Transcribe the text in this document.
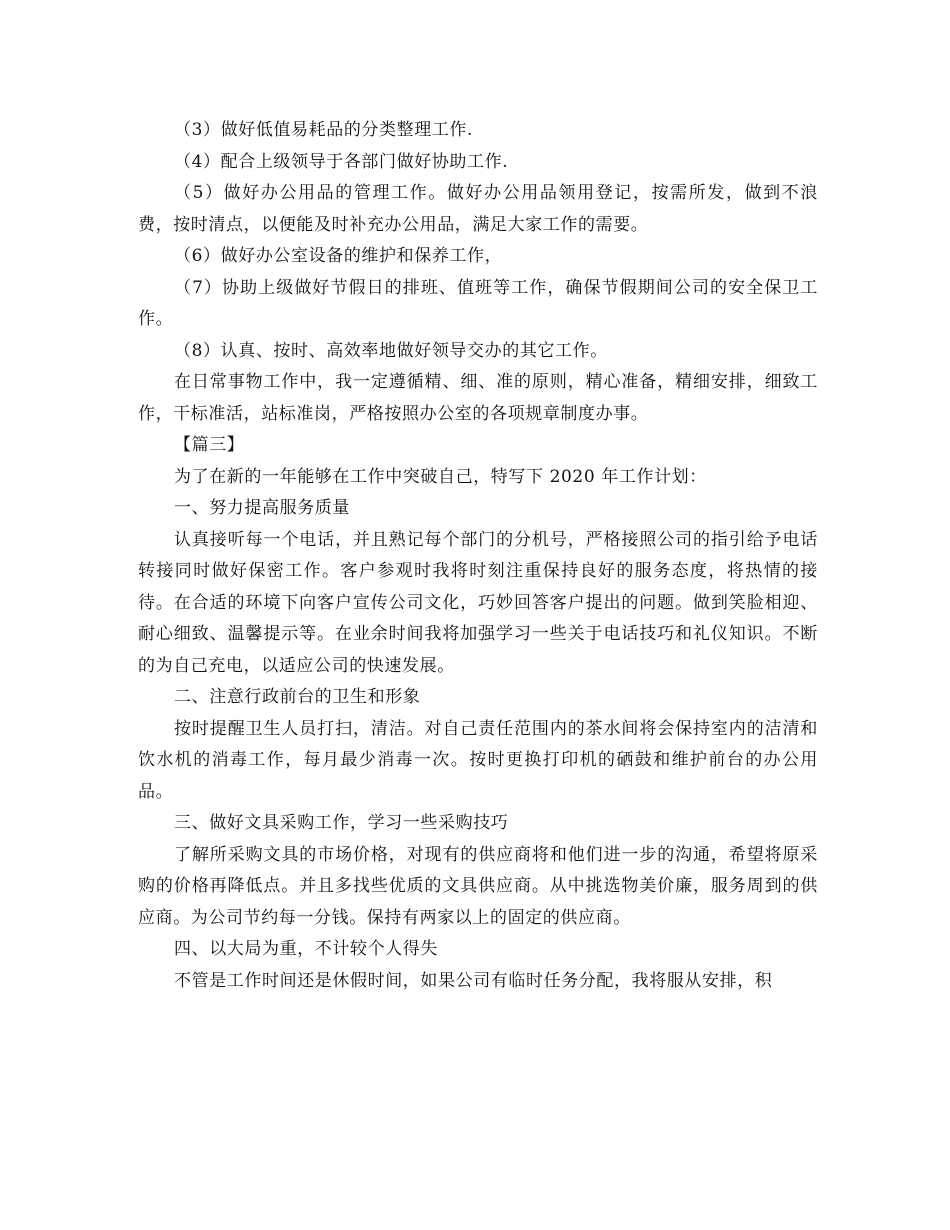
（3）做好低值易耗品的分类整理工作.

（4）配合上级领导于各部门做好协助工作.

（5）做好办公用品的管理工作。做好办公用品领用登记，按需所发，做到不浪费，按时清点，以便能及时补充办公用品，满足大家工作的需要。

（6）做好办公室设备的维护和保养工作，

（7）协助上级做好节假日的排班、值班等工作，确保节假期间公司的安全保卫工作。

（8）认真、按时、高效率地做好领导交办的其它工作。

在日常事物工作中，我一定遵循精、细、准的原则，精心准备，精细安排，细致工作，干标准活，站标准岗，严格按照办公室的各项规章制度办事。

【篇三】

为了在新的一年能够在工作中突破自己，特写下 2020 年工作计划：

一、努力提高服务质量

认真接听每一个电话，并且熟记每个部门的分机号，严格接照公司的指引给予电话转接同时做好保密工作。客户参观时我将时刻注重保持良好的服务态度，将热情的接待。在合适的环境下向客户宣传公司文化，巧妙回答客户提出的问题。做到笑脸相迎、耐心细致、温馨提示等。在业余时间我将加强学习一些关于电话技巧和礼仪知识。不断的为自己充电，以适应公司的快速发展。

二、注意行政前台的卫生和形象

按时提醒卫生人员打扫，清洁。对自己责任范围内的茶水间将会保持室内的洁清和饮水机的消毒工作，每月最少消毒一次。按时更换打印机的硒鼓和维护前台的办公用品。

三、做好文具采购工作，学习一些采购技巧

了解所采购文具的市场价格，对现有的供应商将和他们进一步的沟通，希望将原采购的价格再降低点。并且多找些优质的文具供应商。从中挑选物美价廉，服务周到的供应商。为公司节约每一分钱。保持有两家以上的固定的供应商。

四、以大局为重，不计较个人得失

不管是工作时间还是休假时间，如果公司有临时任务分配，我将服从安排，积
